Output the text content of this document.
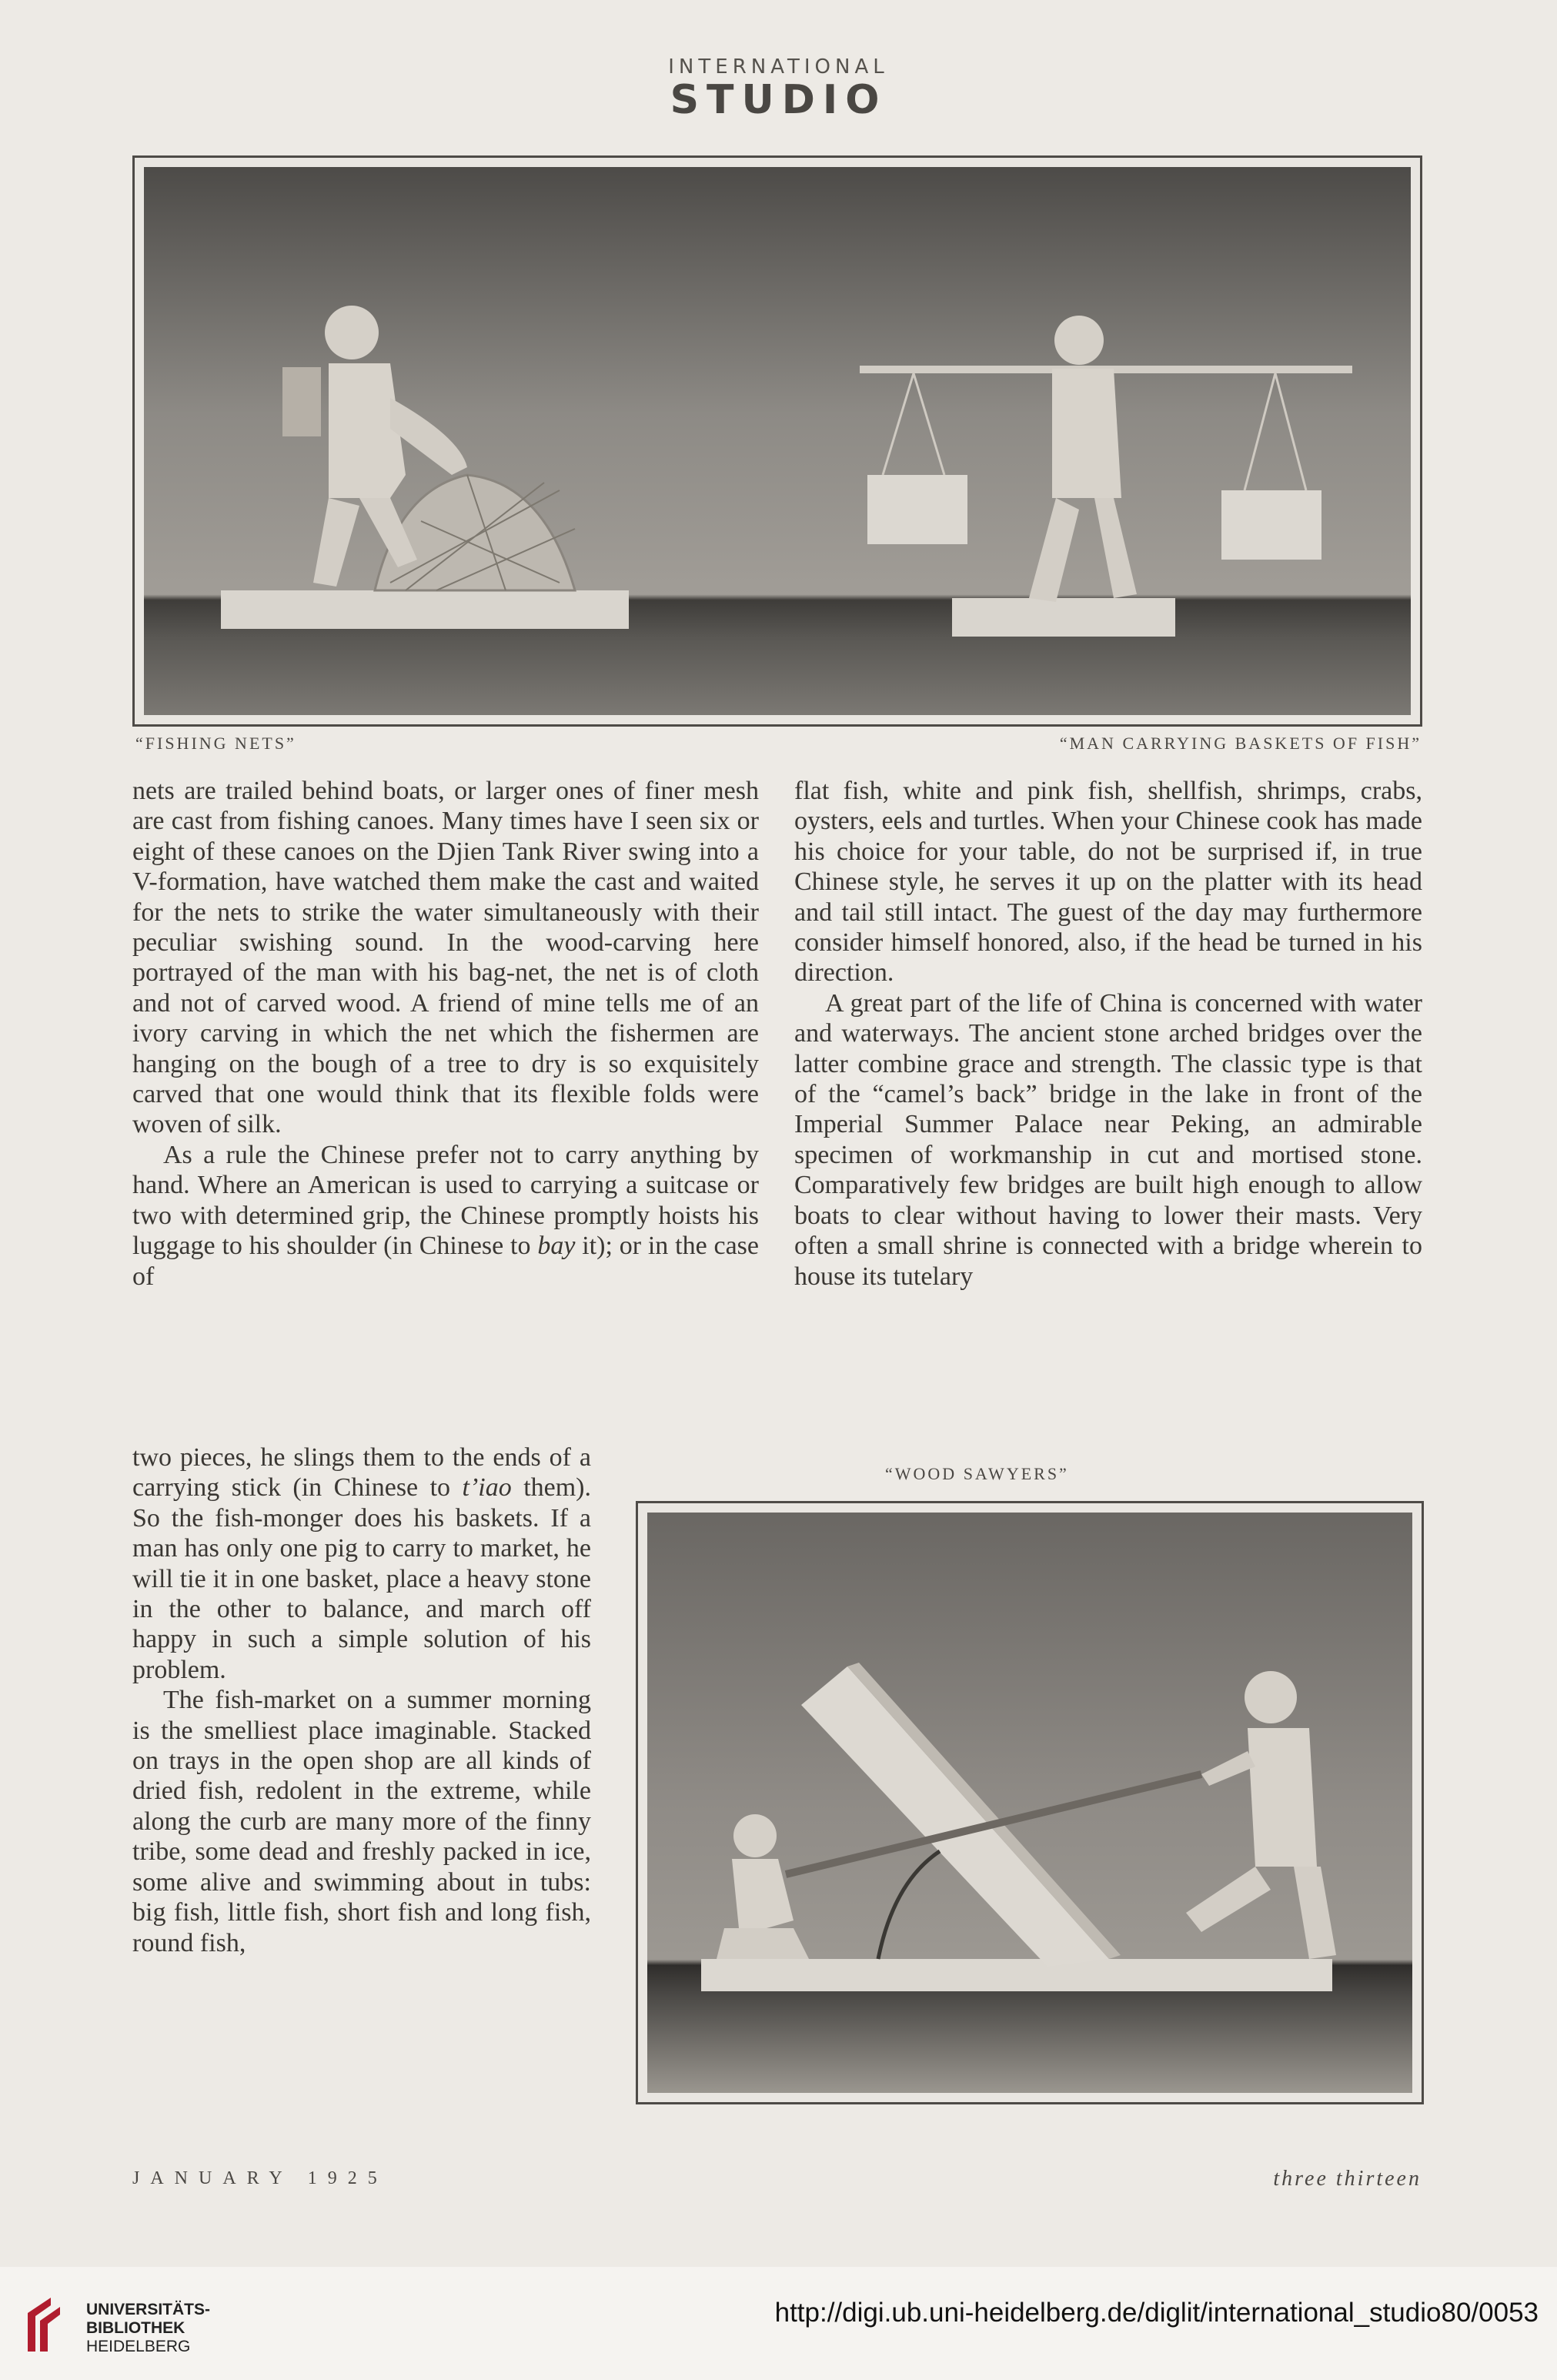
INTERNATIONAL
STUDIO
“FISHING NETS”	“MAN CARRYING BASKETS OF FISH”

nets are trailed behind boats, or larger ones of finer mesh are cast from fishing canoes. Many times have I seen six or eight of these canoes on the Djien Tank River swing into a V-formation, have watched them make the cast and waited for the nets to strike the water simultaneously with their peculiar swishing sound. In the wood-carving here portrayed of the man with his bag-net, the net is of cloth and not of carved wood. A friend of mine tells me of an ivory carving in which the net which the fishermen are hanging on the bough of a tree to dry is so exquisitely carved that one would think that its flexible folds were woven of silk.

As a rule the Chinese prefer not to carry anything by hand. Where an American is used to carrying a suitcase or two with determined grip, the Chinese promptly hoists his luggage to his shoulder (in Chinese to bay it); or in the case of

two pieces, he slings them to the ends of a carrying stick (in Chinese to t’iao them). So the fish-monger does his baskets. If a man has only one pig to carry to market, he will tie it in one basket, place a heavy stone in the other to balance, and march off happy in such a simple solution of his problem.

The fish-market on a summer morning is the smelliest place imaginable. Stacked on trays in the open shop are all kinds of dried fish, redolent in the extreme, while along the curb are many more of the finny tribe, some dead and freshly packed in ice, some alive and swimming about in tubs: big fish, little fish, short fish and long fish, round fish,

flat fish, white and pink fish, shellfish, shrimps, crabs, oysters, eels and turtles. When your Chinese cook has made his choice for your table, do not be surprised if, in true Chinese style, he serves it up on the platter with its head and tail still intact. The guest of the day may furthermore consider himself honored, also, if the head be turned in his direction.

A great part of the life of China is concerned with water and waterways. The ancient stone arched bridges over the latter combine grace and strength. The classic type is that of the “camel’s back” bridge in the lake in front of the Imperial Summer Palace near Peking, an admirable specimen of workmanship in cut and mortised stone. Comparatively few bridges are built high enough to allow boats to clear without having to lower their masts. Very often a small shrine is connected with a bridge wherein to house its tutelary

“WOOD SAWYERS”
JANUARY 1925	three thirteen
UNIVERSITÄTS-
BIBLIOTHEK
HEIDELBERG
http://digi.ub.uni-heidelberg.de/diglit/international_studio80/0053
